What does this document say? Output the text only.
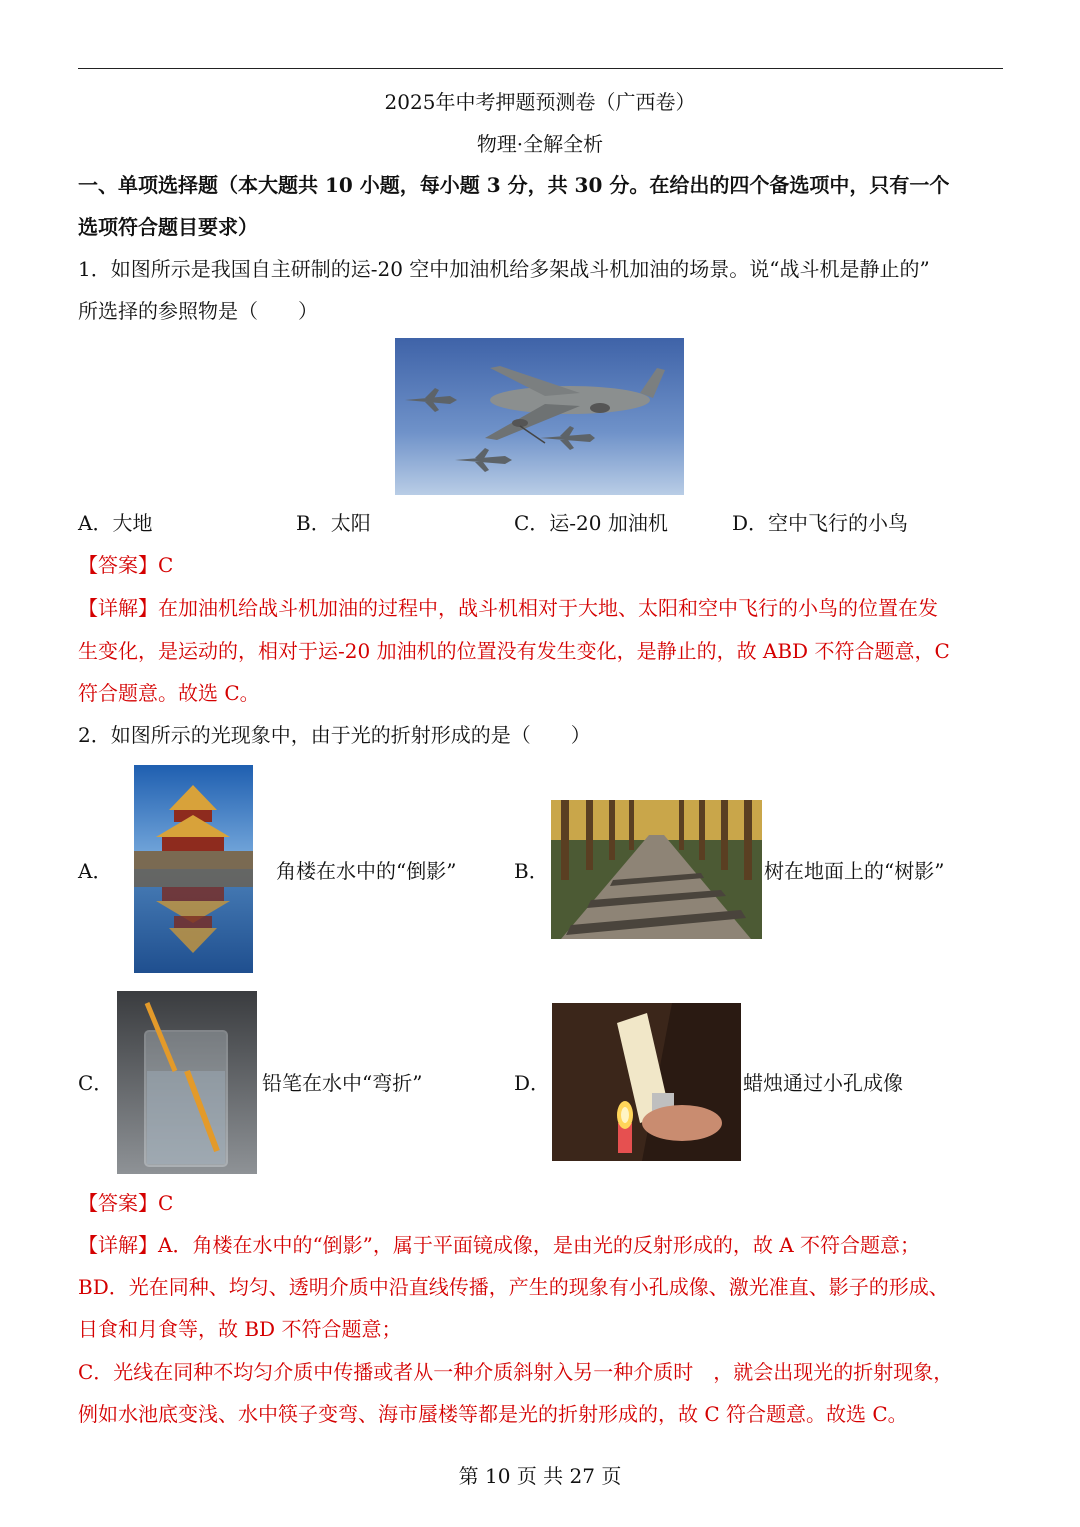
2025年中考押题预测卷（广西卷）
物理·全解全析
一、单项选择题（本大题共 10 小题，每小题 3 分，共 30 分。在给出的四个备选项中，只有一个
选项符合题目要求）
1．如图所示是我国自主研制的运-20 空中加油机给多架战斗机加油的场景。说“战斗机是静止的”
所选择的参照物是（　　）
A．大地	B．太阳	C．运-20 加油机	D．空中飞行的小鸟
【答案】C
【详解】在加油机给战斗机加油的过程中，战斗机相对于大地、太阳和空中飞行的小鸟的位置在发
生变化，是运动的，相对于运-20 加油机的位置没有发生变化，是静止的，故 ABD 不符合题意，C
符合题意。故选 C。
2．如图所示的光现象中，由于光的折射形成的是（　　）
A．	角楼在水中的“倒影”	B．	树在地面上的“树影”
C．	铅笔在水中“弯折”	D．	蜡烛通过小孔成像
【答案】C
【详解】A．角楼在水中的“倒影”，属于平面镜成像，是由光的反射形成的，故 A 不符合题意；
BD．光在同种、均匀、透明介质中沿直线传播，产生的现象有小孔成像、激光准直、影子的形成、
日食和月食等，故 BD 不符合题意；
C．光线在同种不均匀介质中传播或者从一种介质斜射入另一种介质时　，就会出现光的折射现象，
例如水池底变浅、水中筷子变弯、海市蜃楼等都是光的折射形成的，故 C 符合题意。故选 C。
第 10 页 共 27 页
